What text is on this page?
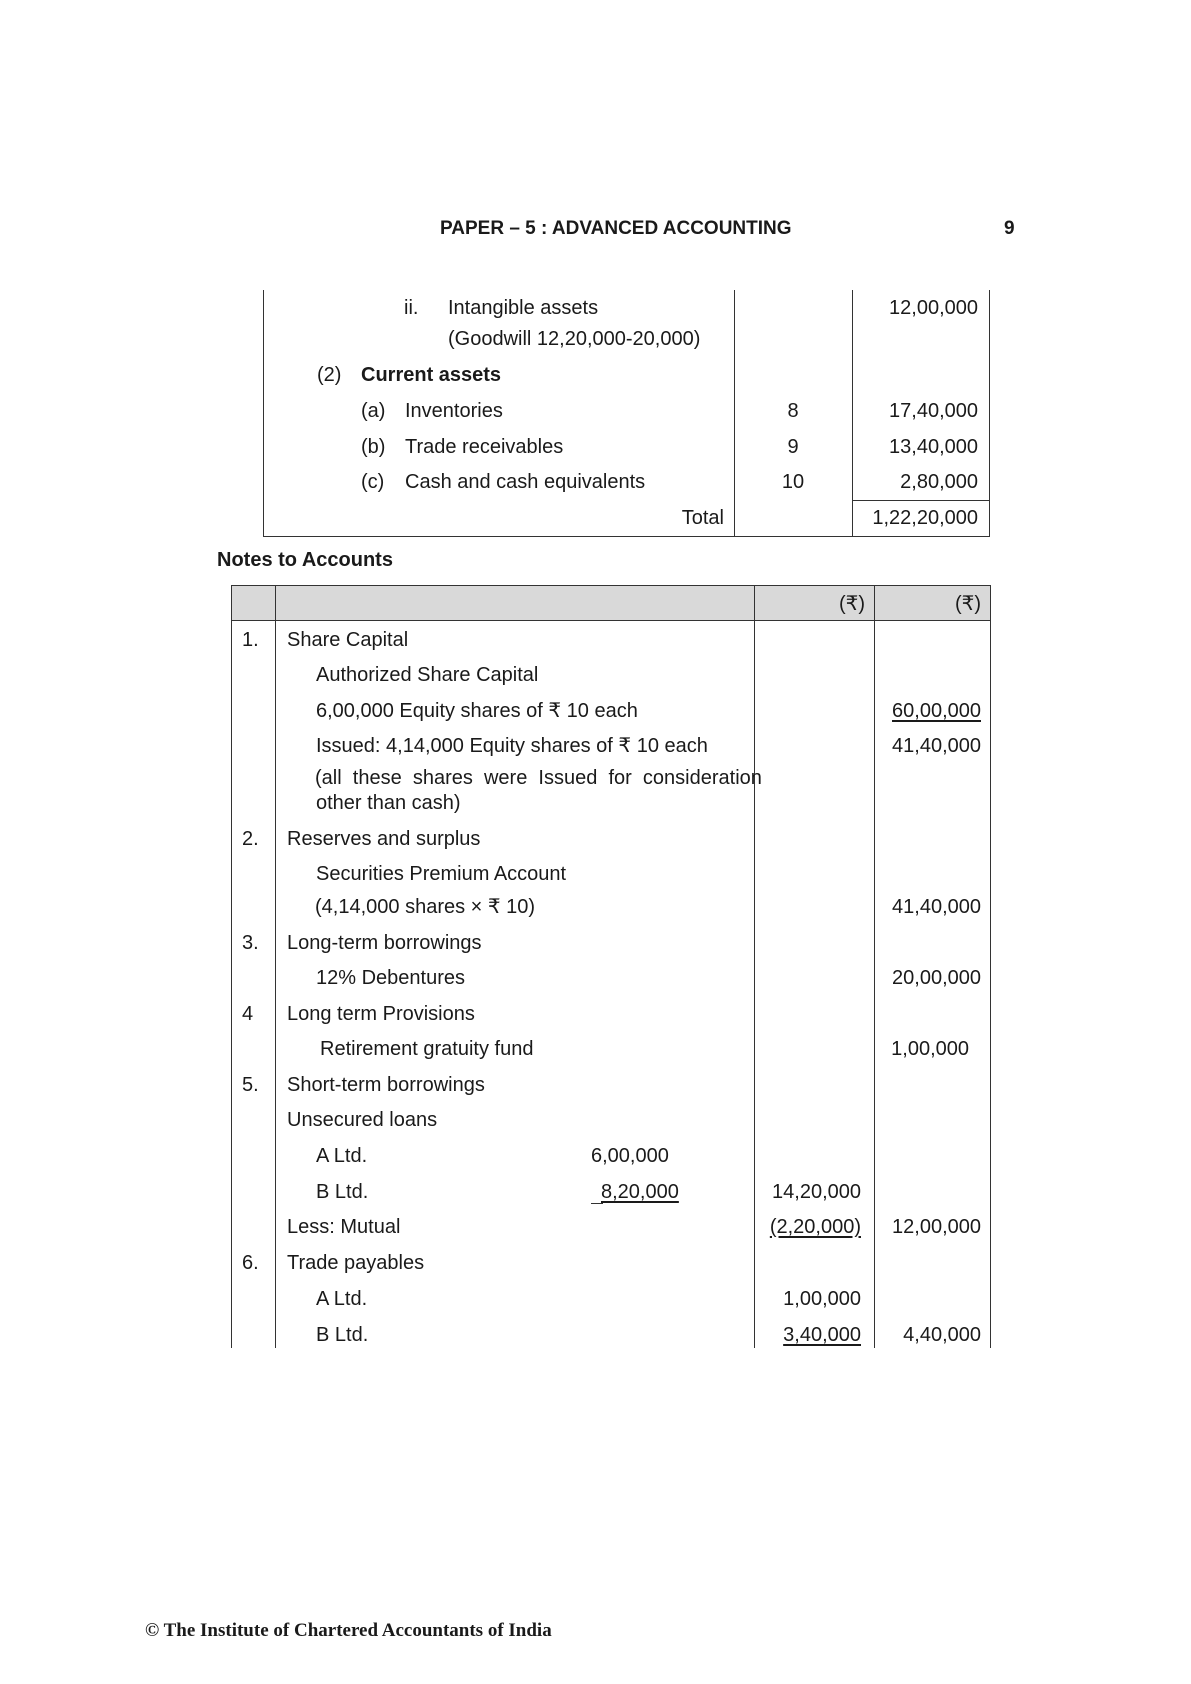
PAPER – 5 : ADVANCED ACCOUNTING	9
ii. Intangible assets	12,00,000
(Goodwill 12,20,000-20,000)
(2) Current assets
(a) Inventories	8	17,40,000
(b) Trade receivables	9	13,40,000
(c) Cash and cash equivalents	10	2,80,000
Total	1,22,20,000
Notes to Accounts
(₹)	(₹)
1. Share Capital
Authorized Share Capital
6,00,000 Equity shares of ₹ 10 each	60,00,000
Issued: 4,14,000 Equity shares of ₹ 10 each	41,40,000
(all  these  shares  were  Issued  for  consideration
other than cash)
2. Reserves and surplus
Securities Premium Account
(4,14,000 shares × ₹ 10)	41,40,000
3. Long-term borrowings
12% Debentures	20,00,000
4 Long term Provisions
Retirement gratuity fund	1,00,000
5. Short-term borrowings
Unsecured loans
A Ltd.	6,00,000
B Ltd.	8,20,000	14,20,000
Less: Mutual	(2,20,000) 12,00,000
6. Trade payables
A Ltd.	1,00,000
B Ltd.	3,40,000 4,40,000
© The Institute of Chartered Accountants of India
